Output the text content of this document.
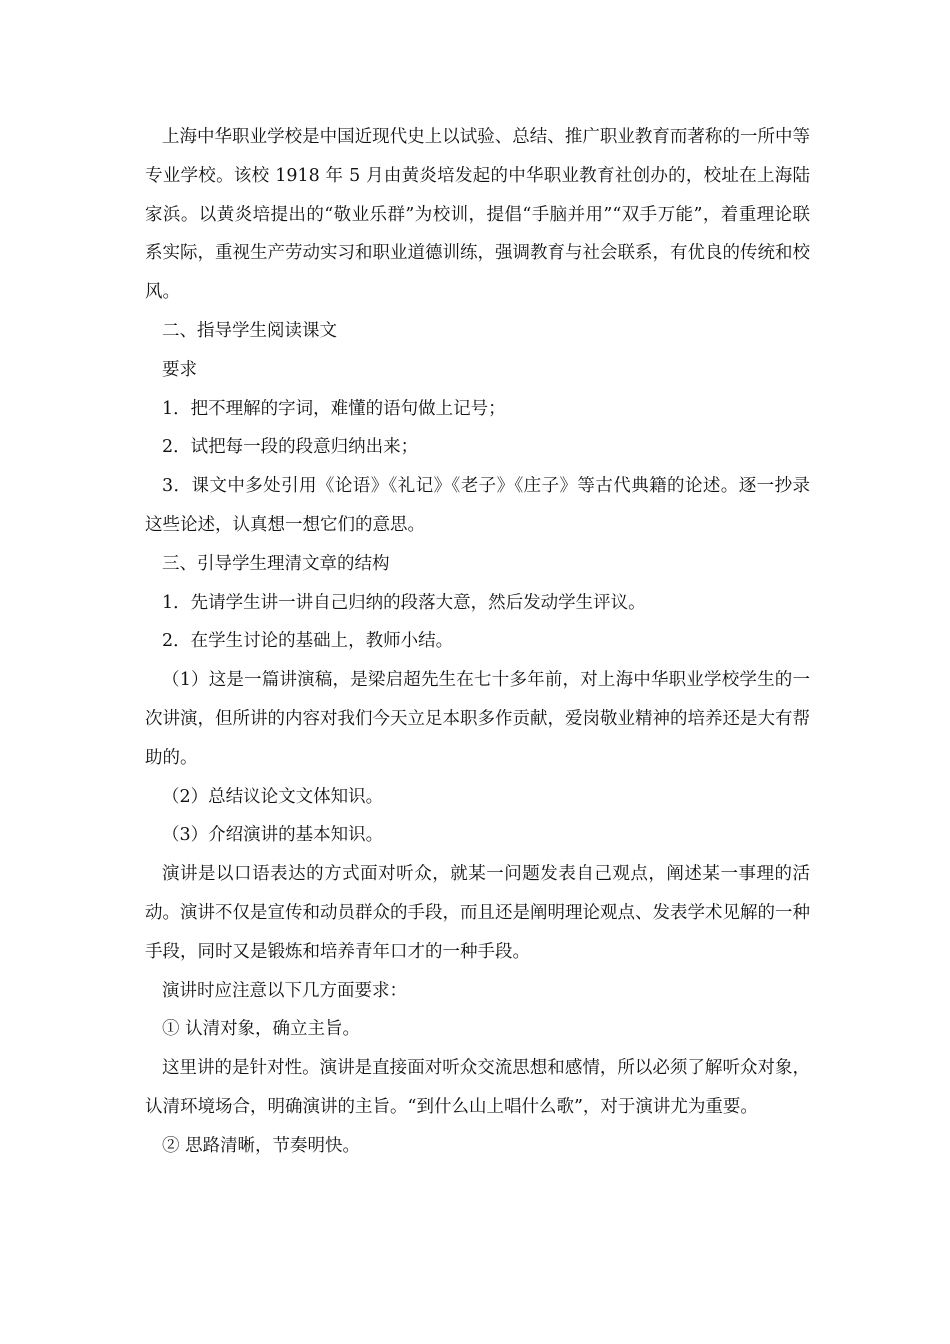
上海中华职业学校是中国近现代史上以试验、总结、推广职业教育而著称的一所中等专业学校。该校 1918 年 5 月由黄炎培发起的中华职业教育社创办的，校址在上海陆家浜。以黄炎培提出的“敬业乐群”为校训，提倡“手脑并用”“双手万能”，着重理论联系实际，重视生产劳动实习和职业道德训练，强调教育与社会联系，有优良的传统和校风。

二、指导学生阅读课文

要求

1．把不理解的字词，难懂的语句做上记号；

2．试把每一段的段意归纳出来；

3．课文中多处引用《论语》《礼记》《老子》《庄子》等古代典籍的论述。逐一抄录这些论述，认真想一想它们的意思。

三、引导学生理清文章的结构

1．先请学生讲一讲自己归纳的段落大意，然后发动学生评议。

2．在学生讨论的基础上，教师小结。

（1）这是一篇讲演稿，是梁启超先生在七十多年前，对上海中华职业学校学生的一次讲演，但所讲的内容对我们今天立足本职多作贡献，爱岗敬业精神的培养还是大有帮助的。

（2）总结议论文文体知识。

（3）介绍演讲的基本知识。

演讲是以口语表达的方式面对听众，就某一问题发表自己观点，阐述某一事理的活动。演讲不仅是宣传和动员群众的手段，而且还是阐明理论观点、发表学术见解的一种手段，同时又是锻炼和培养青年口才的一种手段。

演讲时应注意以下几方面要求：

① 认清对象，确立主旨。

这里讲的是针对性。演讲是直接面对听众交流思想和感情，所以必须了解听众对象，认清环境场合，明确演讲的主旨。“到什么山上唱什么歌”，对于演讲尤为重要。

② 思路清晰，节奏明快。
